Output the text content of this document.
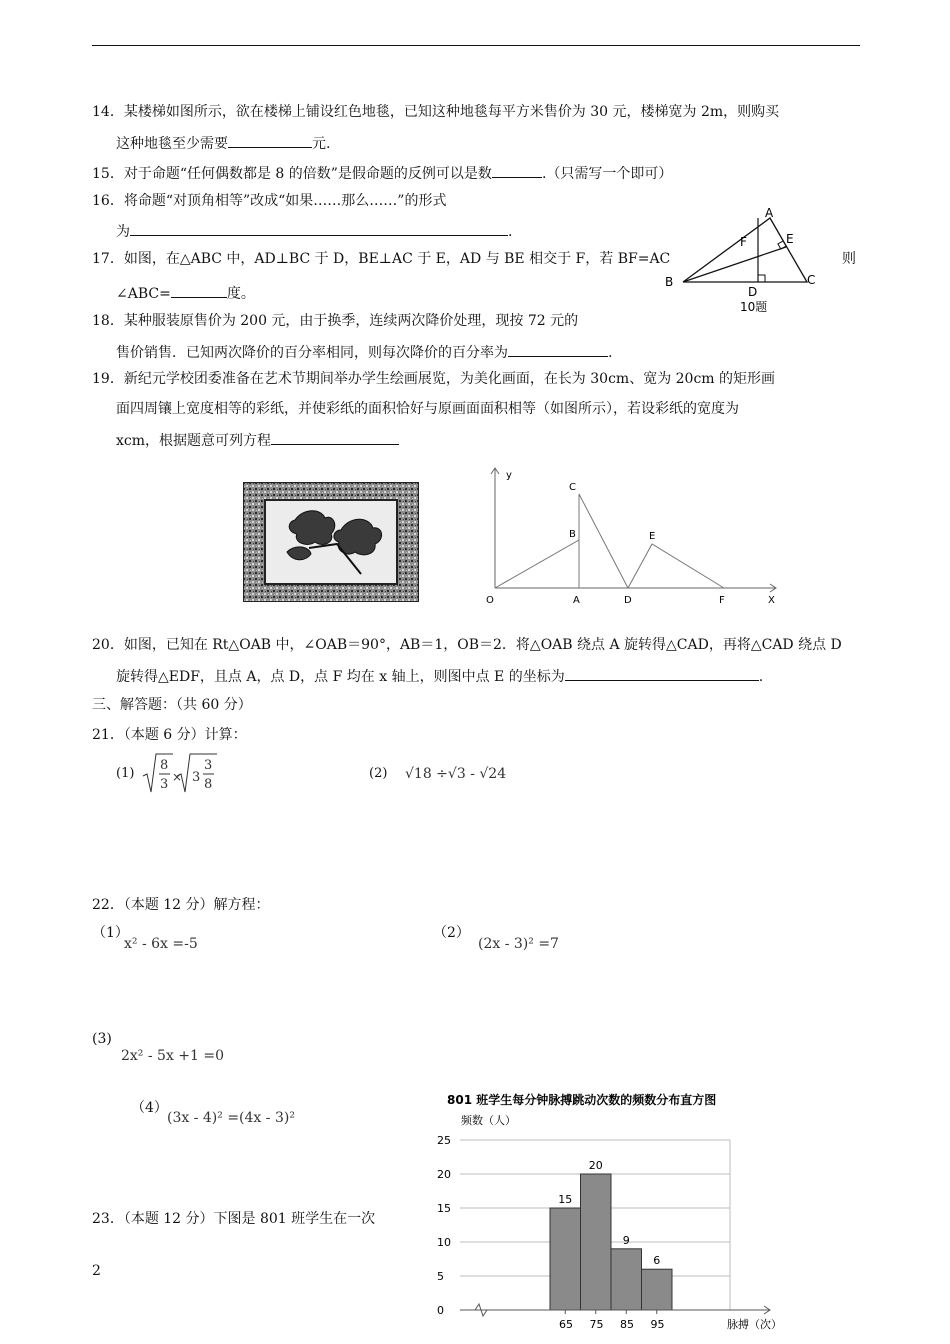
14．某楼梯如图所示，欲在楼梯上铺设红色地毯，已知这种地毯每平方米售价为 30 元，楼梯宽为 2m，则购买
这种地毯至少需要	元.
15．对于命题“任何偶数都是 8 的倍数”是假命题的反例可以是数	.（只需写一个即可）
16．将命题“对顶角相等”改成“如果……那么……”的形式
为	.
17．如图，在△ABC 中，AD⊥BC 于 D，BE⊥AC 于 E，AD 与 BE 相交于 F，若 BF=AC	则
∠ABC=	度。
A
E
F
B
D
C
10题
18．某种服装原售价为 200 元，由于换季，连续两次降价处理，现按 72 元的
售价销售．已知两次降价的百分率相同，则每次降价的百分率为	.
19．新纪元学校团委准备在艺术节期间举办学生绘画展览，为美化画面，在长为 30cm、宽为 20cm 的矩形画
面四周镶上宽度相等的彩纸，并使彩纸的面积恰好与原画面面积相等（如图所示），若设彩纸的宽度为
xcm，根据题意可列方程
y
X
O	A
B
C
D
E
F
20．如图，已知在 Rt△OAB 中，∠OAB＝90°，AB＝1，OB＝2．将△OAB 绕点 A 旋转得△CAD，再将△CAD 绕点 D
旋转得△EDF，且点 A，点 D，点 F 均在 x 轴上，则图中点 E 的坐标为	.
三、解答题：（共 60 分）
21．（本题 6 分）计算：
(1)
8
3 × 3
3
8
(2) √18 ÷√3 - √24
22．（本题 12 分）解方程：
（1）
x² - 6x =-5
（2）
(2x - 3)² =7
(3)
2x² - 5x +1 =0
（4）
(3x - 4)² =(4x - 3)²
23．（本题 12 分）下图是 801 班学生在一次
801 班学生每分钟脉搏跳动次数的频数分布直方图
频数（人）
脉搏（次）
0
5
10
15
20
25
15
20
9
6
65 75 85 95
2
